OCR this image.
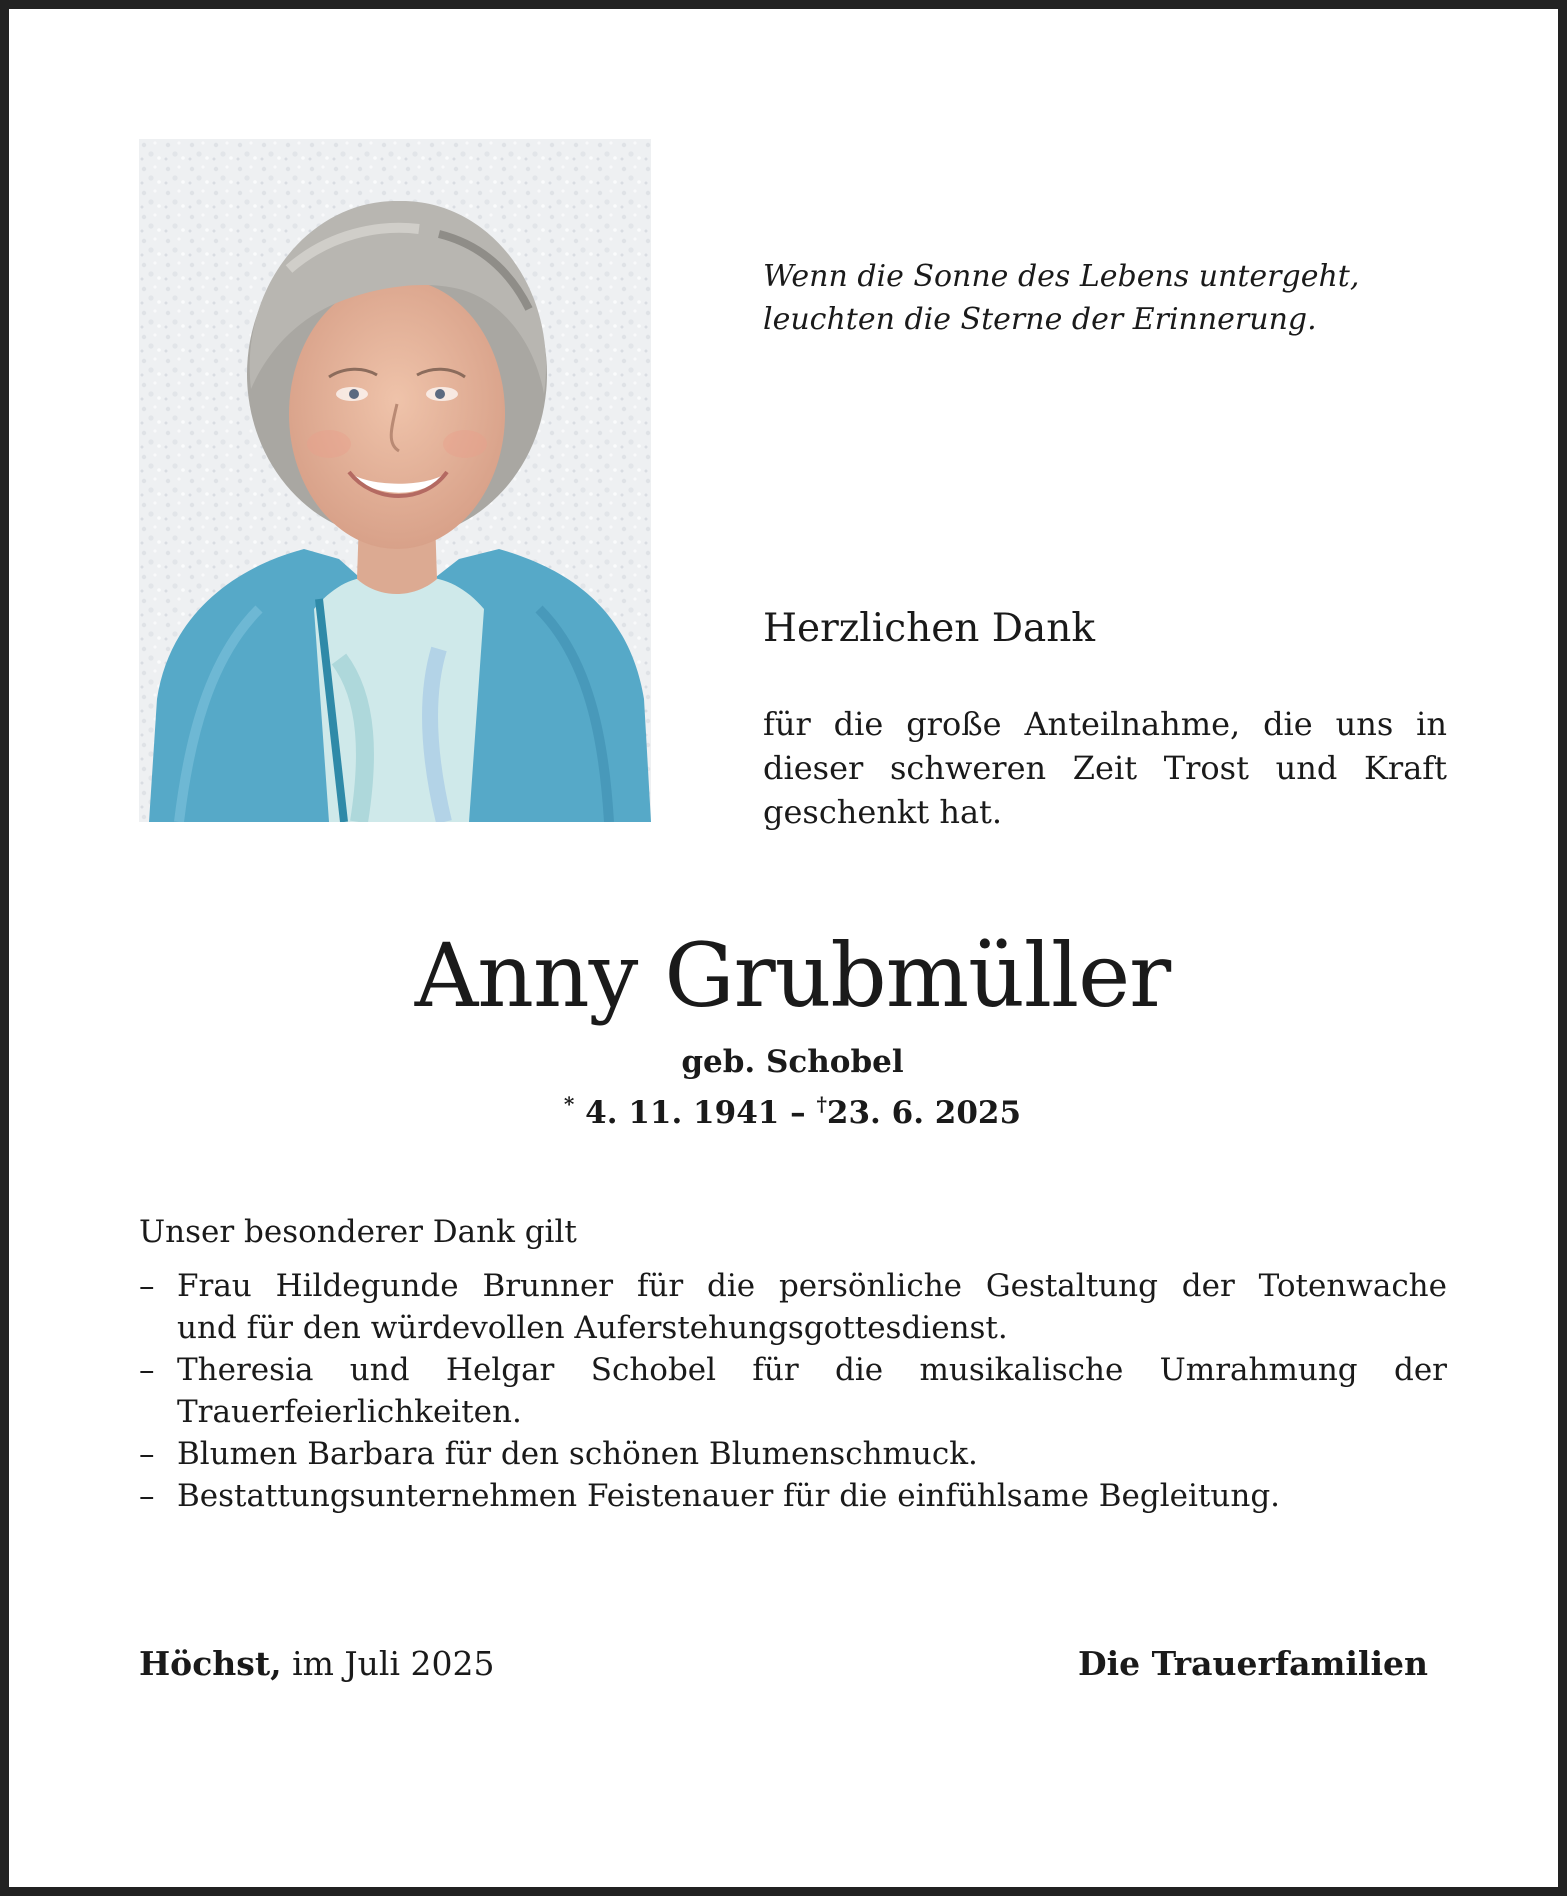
Wenn die Sonne des Lebens untergeht,
leuchten die Sterne der Erinnerung.
Herzlichen Dank
für die große Anteilnahme, die uns in
dieser schweren Zeit Trost und Kraft
geschenkt hat.
Anny Grubmüller
geb. Schobel
* 4. 11. 1941 – †23. 6. 2025
Unser besonderer Dank gilt
– Frau Hildegunde Brunner für die persönliche Gestaltung der Totenwache
und für den würdevollen Auferstehungsgottesdienst.
– Theresia und Helgar Schobel für die musikalische Umrahmung der
Trauerfeierlichkeiten.
– Blumen Barbara für den schönen Blumenschmuck.
– Bestattungsunternehmen Feistenauer für die einfühlsame Begleitung.
Höchst, im Juli 2025	Die Trauerfamilien
